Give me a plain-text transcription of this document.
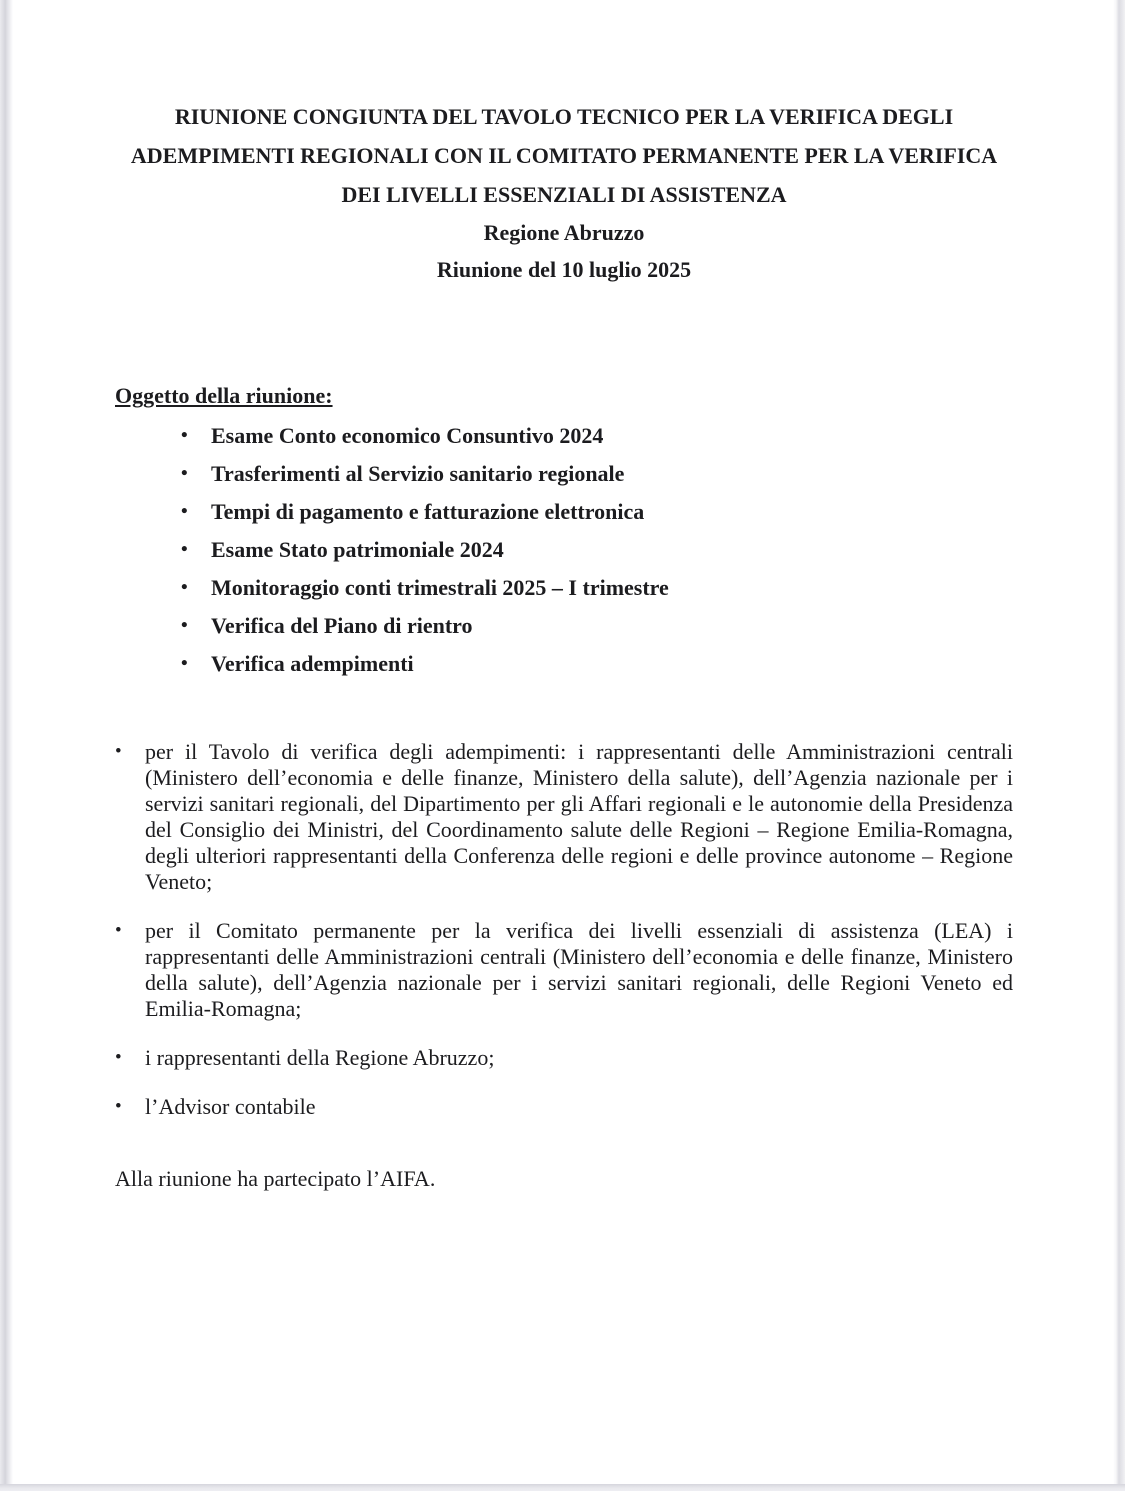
RIUNIONE CONGIUNTA DEL TAVOLO TECNICO PER LA VERIFICA DEGLI
ADEMPIMENTI REGIONALI CON IL COMITATO PERMANENTE PER LA VERIFICA
DEI LIVELLI ESSENZIALI DI ASSISTENZA
Regione Abruzzo
Riunione del 10 luglio 2025
Oggetto della riunione:
•	Esame Conto economico Consuntivo 2024
•	Trasferimenti al Servizio sanitario regionale
•	Tempi di pagamento e fatturazione elettronica
•	Esame Stato patrimoniale 2024
•	Monitoraggio conti trimestrali 2025 – I trimestre
•	Verifica del Piano di rientro
•	Verifica adempimenti
•	per il Tavolo di verifica degli adempimenti: i rappresentanti delle Amministrazioni centrali (Ministero dell’economia e delle finanze, Ministero della salute), dell’Agenzia nazionale per i servizi sanitari regionali, del Dipartimento per gli Affari regionali e le autonomie della Presidenza del Consiglio dei Ministri, del Coordinamento salute delle Regioni – Regione Emilia-Romagna, degli ulteriori rappresentanti della Conferenza delle regioni e delle province autonome – Regione Veneto;
•	per il Comitato permanente per la verifica dei livelli essenziali di assistenza (LEA) i rappresentanti delle Amministrazioni centrali (Ministero dell’economia e delle finanze, Ministero della salute), dell’Agenzia nazionale per i servizi sanitari regionali, delle Regioni Veneto ed Emilia-Romagna;
•	i rappresentanti della Regione Abruzzo;
•	l’Advisor contabile
Alla riunione ha partecipato l’AIFA.
